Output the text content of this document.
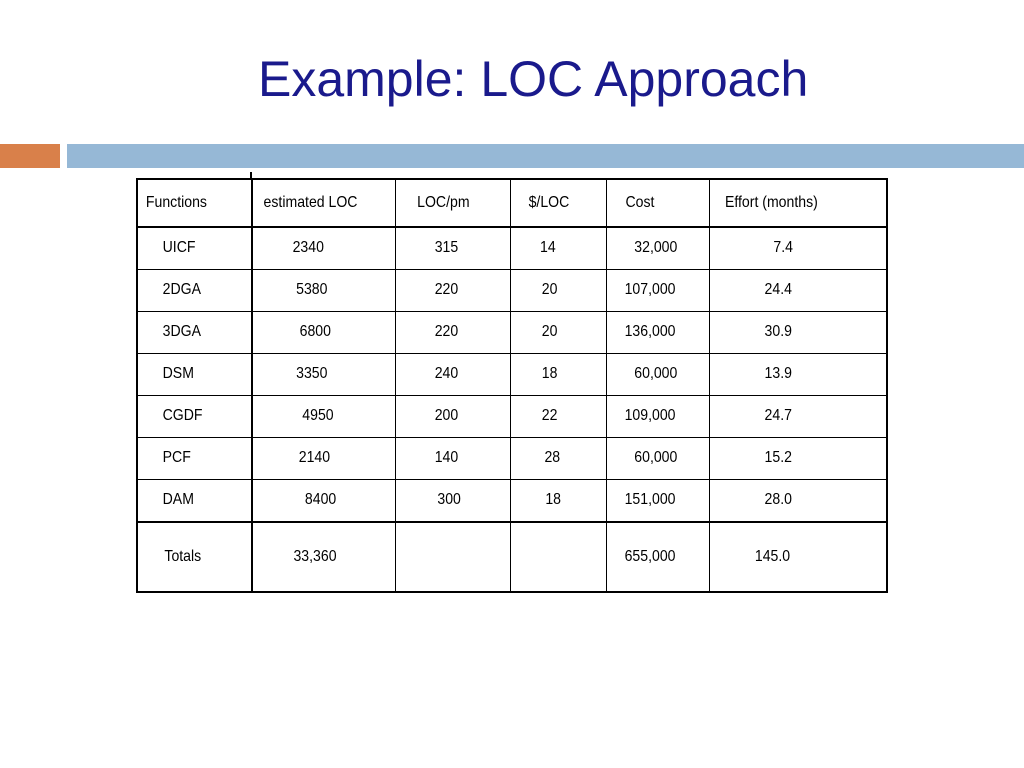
Example: LOC Approach
Functions	estimated LOC	LOC/pm	$/LOC	Cost	Effort (months)

UICF	2340	315	14	32,000	7.4

2DGA	5380	220	20	107,000	24.4

3DGA	6800	220	20	136,000	30.9

DSM	3350	240	18	60,000	13.9

CGDF	4950	200	22	109,000	24.7

PCF	2140	140	28	60,000	15.2

DAM	8400	300	18	151,000	28.0

Totals	33,360			655,000	145.0
